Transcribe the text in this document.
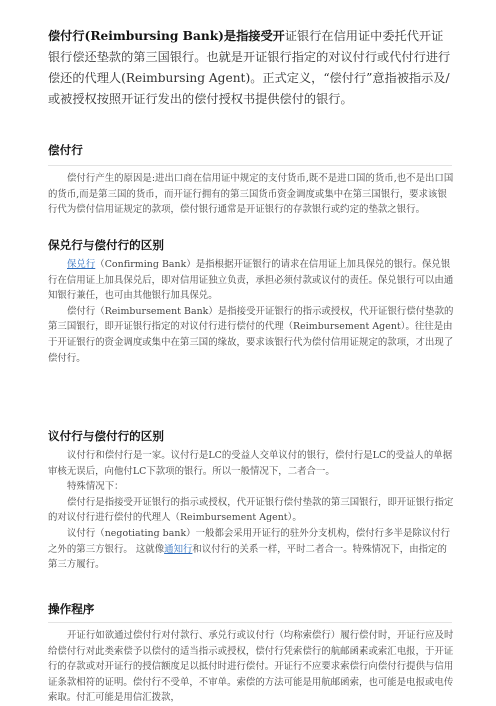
偿付行(Reimbursing Bank)是指接受开证银行在信用证中委托代开证银行偿还垫款的第三国银行。也就是开证银行指定的对议付行或代付行进行偿还的代理人(Reimbursing Agent)。正式定义，“偿付行”意指被指示及/或被授权按照开证行发出的偿付授权书提供偿付的银行。
偿付行

偿付行产生的原因是:进出口商在信用证中规定的支付货币,既不是进口国的货币,也不是出口国的货币,而是第三国的货币，而开证行拥有的第三国货币资金调度或集中在第三国银行，要求该银行代为偿付信用证规定的款项，偿付银行通常是开证银行的存款银行或约定的垫款之银行。

保兑行与偿付行的区别

保兑行（Confirming Bank）是指根据开证银行的请求在信用证上加具保兑的银行。保兑银行在信用证上加具保兑后，即对信用证独立负责，承担必须付款或议付的责任。保兑银行可以由通知银行兼任，也可由其他银行加具保兑。

偿付行（Reimbursement Bank）是指接受开证银行的指示或授权，代开证银行偿付垫款的第三国银行，即开证银行指定的对议付行进行偿付的代理（Reimbursement Agent）。往往是由于开证银行的资金调度或集中在第三国的缘故，要求该银行代为偿付信用证规定的款项，才出现了偿付行。

议付行与偿付行的区别

议付行和偿付行是一家。议付行是LC的受益人交单议付的银行，偿付行是LC的受益人的单据审核无误后，向他付LC下款项的银行。所以一般情况下，二者合一。

特殊情况下：

偿付行是指接受开证银行的指示或授权，代开证银行偿付垫款的第三国银行，即开证银行指定的对议付行进行偿付的代理人（Reimbursement Agent）。

议付行（negotiating bank）一般都会采用开证行的驻外分支机构，偿付行多半是除议付行之外的第三方银行。 这就像通知行和议付行的关系一样，平时二者合一。特殊情况下，由指定的第三方履行。

操作程序

开证行如欲通过偿付行对付款行、承兑行或议付行（均称索偿行）履行偿付时，开证行应及时给偿付行对此类索偿予以偿付的适当指示或授权，偿付行凭索偿行的航邮函素或索汇电报，于开证行的存款或对开证行的授信额度足以抵付时进行偿付。开证行不应要求索偿行向偿付行提供与信用证条款相符的证明。偿付行不受单，不审单。索偿的方法可能是用航邮函索，也可能是电报或电传索取。付汇可能是用信汇拨款，
